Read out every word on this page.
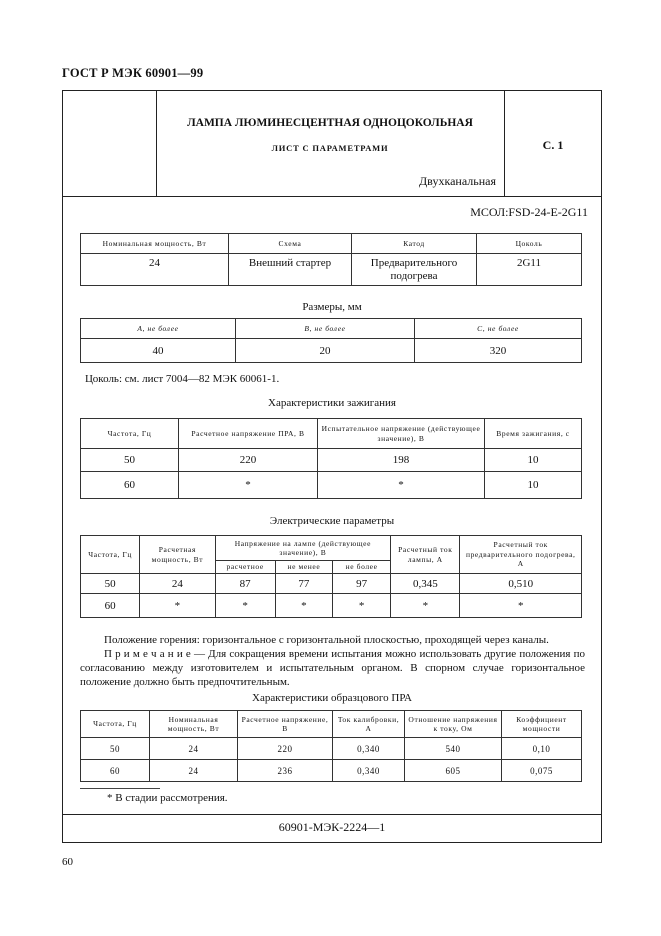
ГОСТ Р МЭК 60901—99
ЛАМПА ЛЮМИНЕСЦЕНТНАЯ ОДНОЦОКОЛЬНАЯ
ЛИСТ С ПАРАМЕТРАМИ	С. 1
Двухканальная
МСОЛ:FSD-24-E-2G11
Номинальная мощность, Вт	Схема	Катод	Цоколь
24	Внешний стартер	Предварительного подогрева	2G11
Размеры, мм
A, не более	B, не более	C, не более
40	20	320
Цоколь: см. лист 7004—82 МЭК 60061-1.
Характеристики зажигания
Частота, Гц	Расчетное напряжение ПРА, В	Испытательное напряжение (действующее значение), В	Время зажигания, с
50	220	198	10
60	*	*	10
Электрические параметры
Частота, Гц	Расчетная мощность, Вт	Напряжение на лампе (действующее значение), В			Расчетный ток лампы, А	Расчетный ток предварительного подогрева, А
		расчетное	не менее	не более		
50	24	87	77	97	0,345	0,510
60	*	*	*	*	*	*
Положение горения: горизонтальное с горизонтальной плоскостью, проходящей через каналы.
П р и м е ч а н и е — Для сокращения времени испытания можно использовать другие положения по согласованию между изготовителем и испытательным органом. В спорном случае горизонтальное положение должно быть предпочтительным.
Характеристики образцового ПРА
Частота, Гц	Номинальная мощность, Вт	Расчетное напряжение, В	Ток калибровки, А	Отношение напряжения к току, Ом	Коэффициент мощности
50	24	220	0,340	540	0,10
60	24	236	0,340	605	0,075
* В стадии рассмотрения.
60901-МЭК-2224—1
60
